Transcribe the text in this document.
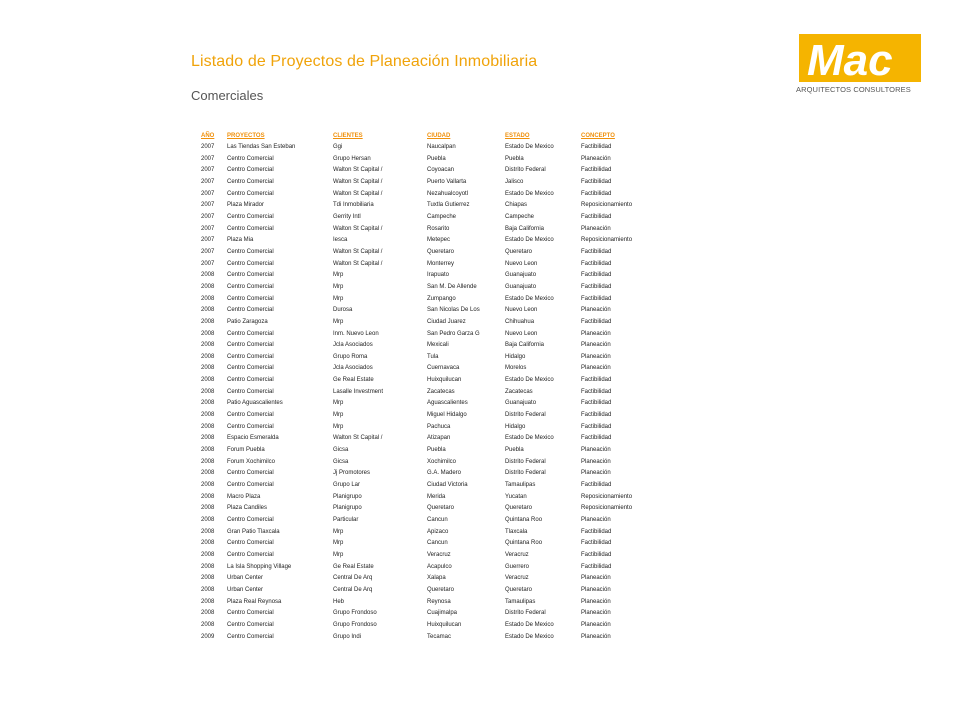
Listado de Proyectos de Planeación Inmobiliaria
Comerciales
Mac
ARQUITECTOS CONSULTORES
AÑO	PROYECTOS	CLIENTES	CIUDAD	ESTADO	CONCEPTO
2007	Las Tiendas San Esteban	Ggi	Naucalpan	Estado De Mexico	Factibilidad
2007	Centro Comercial	Grupo Hersan	Puebla	Puebla	Planeación
2007	Centro Comercial	Walton St Capital /	Coyoacan	Distrito Federal	Factibilidad
2007	Centro Comercial	Walton St Capital /	Puerto Vallarta	Jalisco	Factibilidad
2007	Centro Comercial	Walton St Capital /	Nezahualcoyotl	Estado De Mexico	Factibilidad
2007	Plaza Mirador	Tdi Inmobiliaria	Tuxtla Gutierrez	Chiapas	Reposicionamiento
2007	Centro Comercial	Gerrity Intl	Campeche	Campeche	Factibilidad
2007	Centro Comercial	Walton St Capital /	Rosarito	Baja California	Planeación
2007	Plaza Mia	Iesca	Metepec	Estado De Mexico	Reposicionamiento
2007	Centro Comercial	Walton St Capital /	Queretaro	Queretaro	Factibilidad
2007	Centro Comercial	Walton St Capital /	Monterrey	Nuevo Leon	Factibilidad
2008	Centro Comercial	Mrp	Irapuato	Guanajuato	Factibilidad
2008	Centro Comercial	Mrp	San M. De Allende	Guanajuato	Factibilidad
2008	Centro Comercial	Mrp	Zumpango	Estado De Mexico	Factibilidad
2008	Centro Comercial	Durosa	San Nicolas De Los	Nuevo Leon	Planeación
2008	Patio Zaragoza	Mrp	Ciudad Juarez	Chihuahua	Factibilidad
2008	Centro Comercial	Inm. Nuevo Leon	San Pedro Garza G	Nuevo Leon	Planeación
2008	Centro Comercial	Jcla Asociados	Mexicali	Baja California	Planeación
2008	Centro Comercial	Grupo Roma	Tula	Hidalgo	Planeación
2008	Centro Comercial	Jcla Asociados	Cuernavaca	Morelos	Planeación
2008	Centro Comercial	Ge Real Estate	Huixquilucan	Estado De Mexico	Factibilidad
2008	Centro Comercial	Lasalle Investment	Zacatecas	Zacatecas	Factibilidad
2008	Patio Aguascalientes	Mrp	Aguascalientes	Guanajuato	Factibilidad
2008	Centro Comercial	Mrp	Miguel Hidalgo	Distrito Federal	Factibilidad
2008	Centro Comercial	Mrp	Pachuca	Hidalgo	Factibilidad
2008	Espacio Esmeralda	Walton St Capital /	Atizapan	Estado De Mexico	Factibilidad
2008	Forum Puebla	Gicsa	Puebla	Puebla	Planeación
2008	Forum Xochimilco	Gicsa	Xochimilco	Distrito Federal	Planeación
2008	Centro Comercial	Jj Promotores	G.A. Madero	Distrito Federal	Planeación
2008	Centro Comercial	Grupo Lar	Ciudad Victoria	Tamaulipas	Factibilidad
2008	Macro Plaza	Planigrupo	Merida	Yucatan	Reposicionamiento
2008	Plaza Candiles	Planigrupo	Queretaro	Queretaro	Reposicionamiento
2008	Centro Comercial	Particular	Cancun	Quintana Roo	Planeación
2008	Gran Patio Tlaxcala	Mrp	Apizaco	Tlaxcala	Factibilidad
2008	Centro Comercial	Mrp	Cancun	Quintana Roo	Factibilidad
2008	Centro Comercial	Mrp	Veracruz	Veracruz	Factibilidad
2008	La Isla Shopping Village	Ge Real Estate	Acapulco	Guerrero	Factibilidad
2008	Urban Center	Central De Arq	Xalapa	Veracruz	Planeación
2008	Urban Center	Central De Arq	Queretaro	Queretaro	Planeación
2008	Plaza Real Reynosa	Heb	Reynosa	Tamaulipas	Planeación
2008	Centro Comercial	Grupo Frondoso	Cuajimalpa	Distrito Federal	Planeación
2008	Centro Comercial	Grupo Frondoso	Huixquilucan	Estado De Mexico	Planeación
2009	Centro Comercial	Grupo Indi	Tecamac	Estado De Mexico	Planeación
